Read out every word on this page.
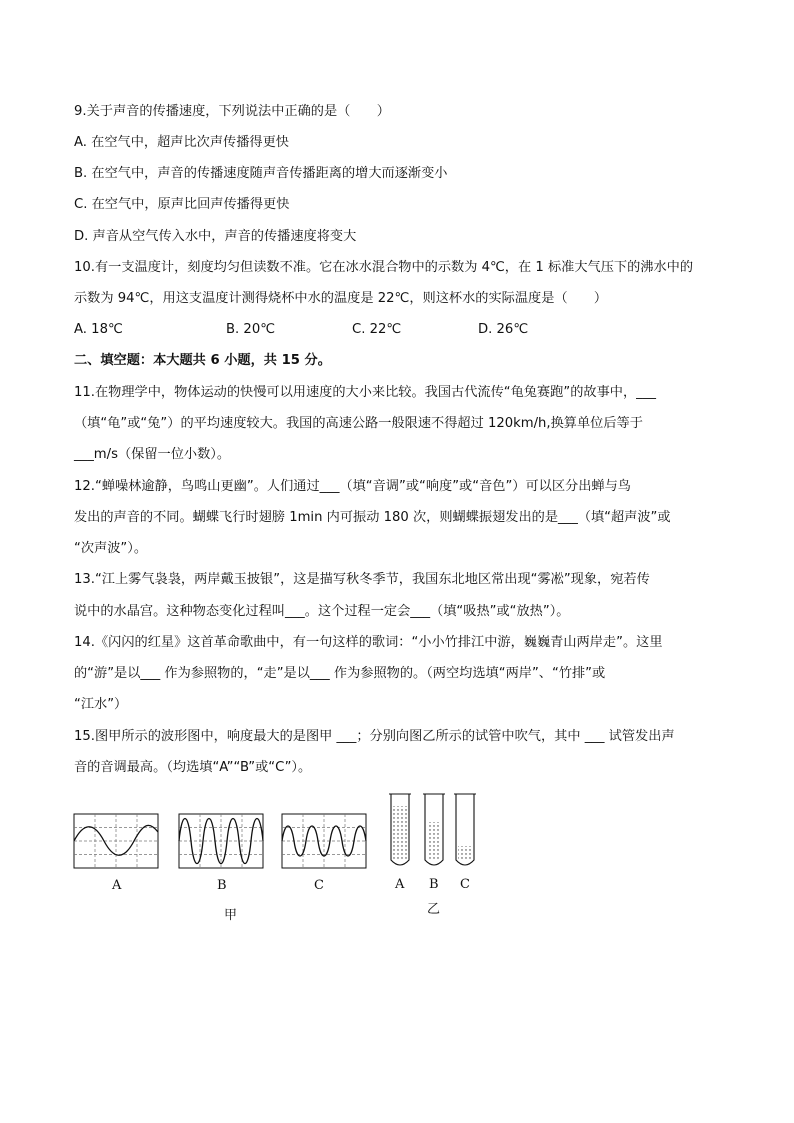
9.关于声音的传播速度，下列说法中正确的是（　　）
A. 在空气中，超声比次声传播得更快
B. 在空气中，声音的传播速度随声音传播距离的增大而逐渐变小
C. 在空气中，原声比回声传播得更快
D. 声音从空气传入水中，声音的传播速度将变大
10.有一支温度计，刻度均匀但读数不准。它在冰水混合物中的示数为 4℃，在 1 标准大气压下的沸水中的
示数为 94℃，用这支温度计测得烧杯中水的温度是 22℃，则这杯水的实际温度是（　　）
A. 18℃	B. 20℃	C. 22℃	D. 26℃
二、填空题：本大题共 6 小题，共 15 分。
11.在物理学中，物体运动的快慢可以用速度的大小来比较。我国古代流传“龟兔赛跑”的故事中，___
（填“龟”或“兔”）的平均速度较大。我国的高速公路一般限速不得超过 120km/h,换算单位后等于
___m/s（保留一位小数）。
12.“蝉噪林逾静，鸟鸣山更幽”。人们通过___（填“音调”或“响度”或“音色”）可以区分出蝉与鸟
发出的声音的不同。蝴蝶飞行时翅膀 1min 内可振动 180 次，则蝴蝶振翅发出的是___（填“超声波”或
“次声波”）。
13.“江上雾气袅袅，两岸戴玉披银”，这是描写秋冬季节，我国东北地区常出现“雾凇”现象，宛若传
说中的水晶宫。这种物态变化过程叫___。这个过程一定会___（填“吸热”或“放热”）。
14.《闪闪的红星》这首革命歌曲中，有一句这样的歌词：“小小竹排江中游，巍巍青山两岸走”。这里
的“游”是以___ 作为参照物的，“走”是以___ 作为参照物的。（两空均选填“两岸”、“竹排”或
“江水”）
15.图甲所示的波形图中，响度最大的是图甲 ___；分别向图乙所示的试管中吹气，其中 ___ 试管发出声
音的音调最高。（均选填“A”“B”或“C”）。
A	B	C
甲
A B C
乙
